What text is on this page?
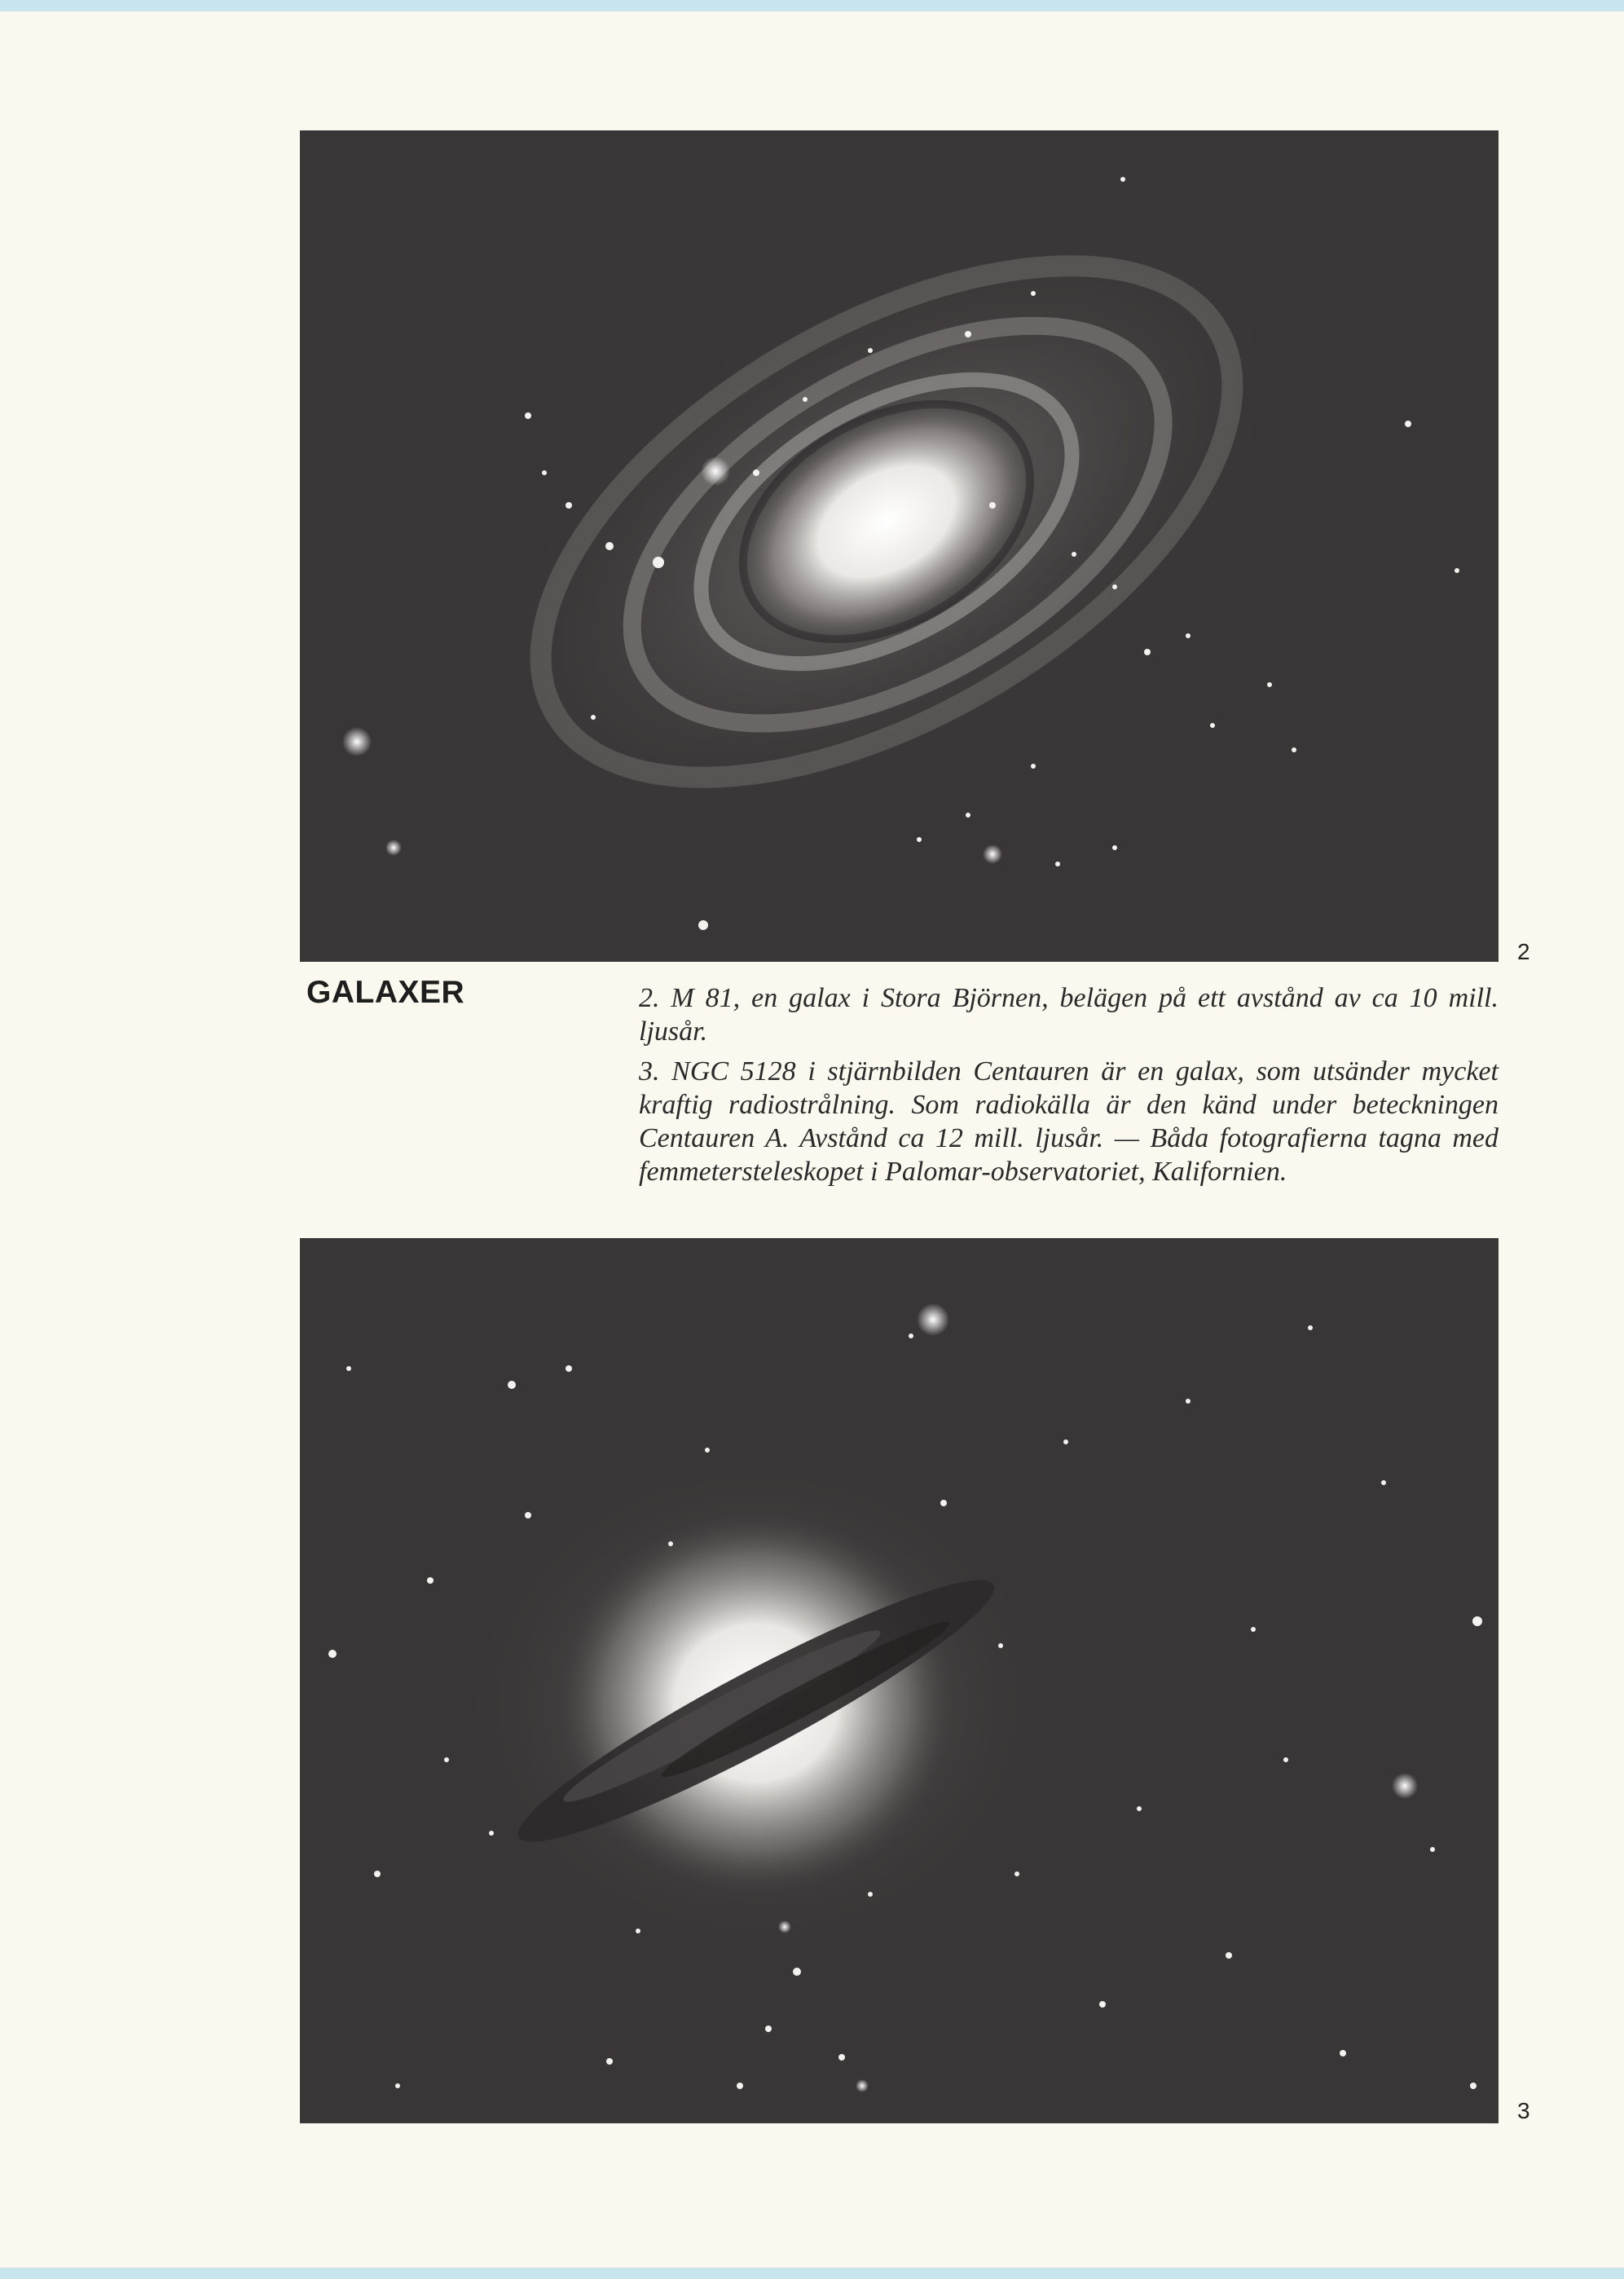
2
GALAXER	2. M 81, en galax i Stora Björnen, belägen på ett avstånd av ca 10 mill. ljusår.

3. NGC 5128 i stjärnbilden Centauren är en galax, som utsänder mycket kraftig radiostrålning. Som radiokälla är den känd under beteckningen Centauren A. Avstånd ca 12 mill. ljusår. — Båda fotografierna tagna med femmetersteleskopet i Palomar-observatoriet, Kalifornien.

3
